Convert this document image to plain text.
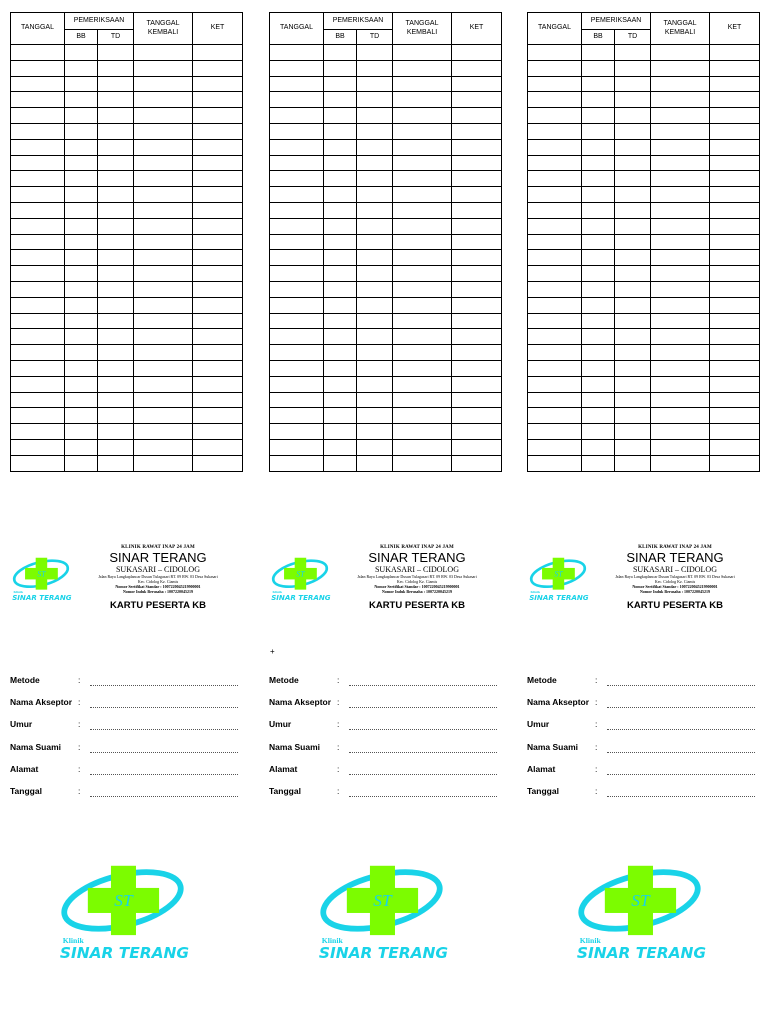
TANGGAL	PEMERIKSAAN		TANGGAL KEMBALI	KET
	BB	TD		

ST
Klinik
SINAR TERANG
KLINIK RAWAT INAP 24 JAM
SINAR TERANG
SUKASARI – CIDOLOG
Jalan Raya Langkaplancar Dusun Tulagasari RT. 09 RW. 03 Desa Sukasari
Kec. Cidolog Kz. Ciamis
Nomor Sertifikat Standar : 1007220045219900001
Nomor Induk Berusaha : 1007220045219
KARTU PESERTA KB
Metode	:
Nama Akseptor :
Umur	:
Nama Suami :
Alamat	:
Tanggal	:
ST
Klinik
SINAR TERANG
TANGGAL	PEMERIKSAAN		TANGGAL KEMBALI	KET
	BB	TD		

ST
Klinik
SINAR TERANG
KLINIK RAWAT INAP 24 JAM
SINAR TERANG
SUKASARI – CIDOLOG
Jalan Raya Langkaplancar Dusun Tulagasari RT. 09 RW. 03 Desa Sukasari
Kec. Cidolog Kz. Ciamis
Nomor Sertifikat Standar : 1007220045219900001
Nomor Induk Berusaha : 1007220045219
KARTU PESERTA KB
Metode	:
Nama Akseptor :
Umur	:
Nama Suami :
Alamat	:
Tanggal	:
ST
Klinik
SINAR TERANG
TANGGAL	PEMERIKSAAN		TANGGAL KEMBALI	KET
	BB	TD		

ST
Klinik
SINAR TERANG
KLINIK RAWAT INAP 24 JAM
SINAR TERANG
SUKASARI – CIDOLOG
Jalan Raya Langkaplancar Dusun Tulagasari RT. 09 RW. 03 Desa Sukasari
Kec. Cidolog Kz. Ciamis
Nomor Sertifikat Standar : 1007220045219900001
Nomor Induk Berusaha : 1007220045219
KARTU PESERTA KB
Metode	:
Nama Akseptor :
Umur	:
Nama Suami :
Alamat	:
Tanggal	:
ST
Klinik
SINAR TERANG
+
